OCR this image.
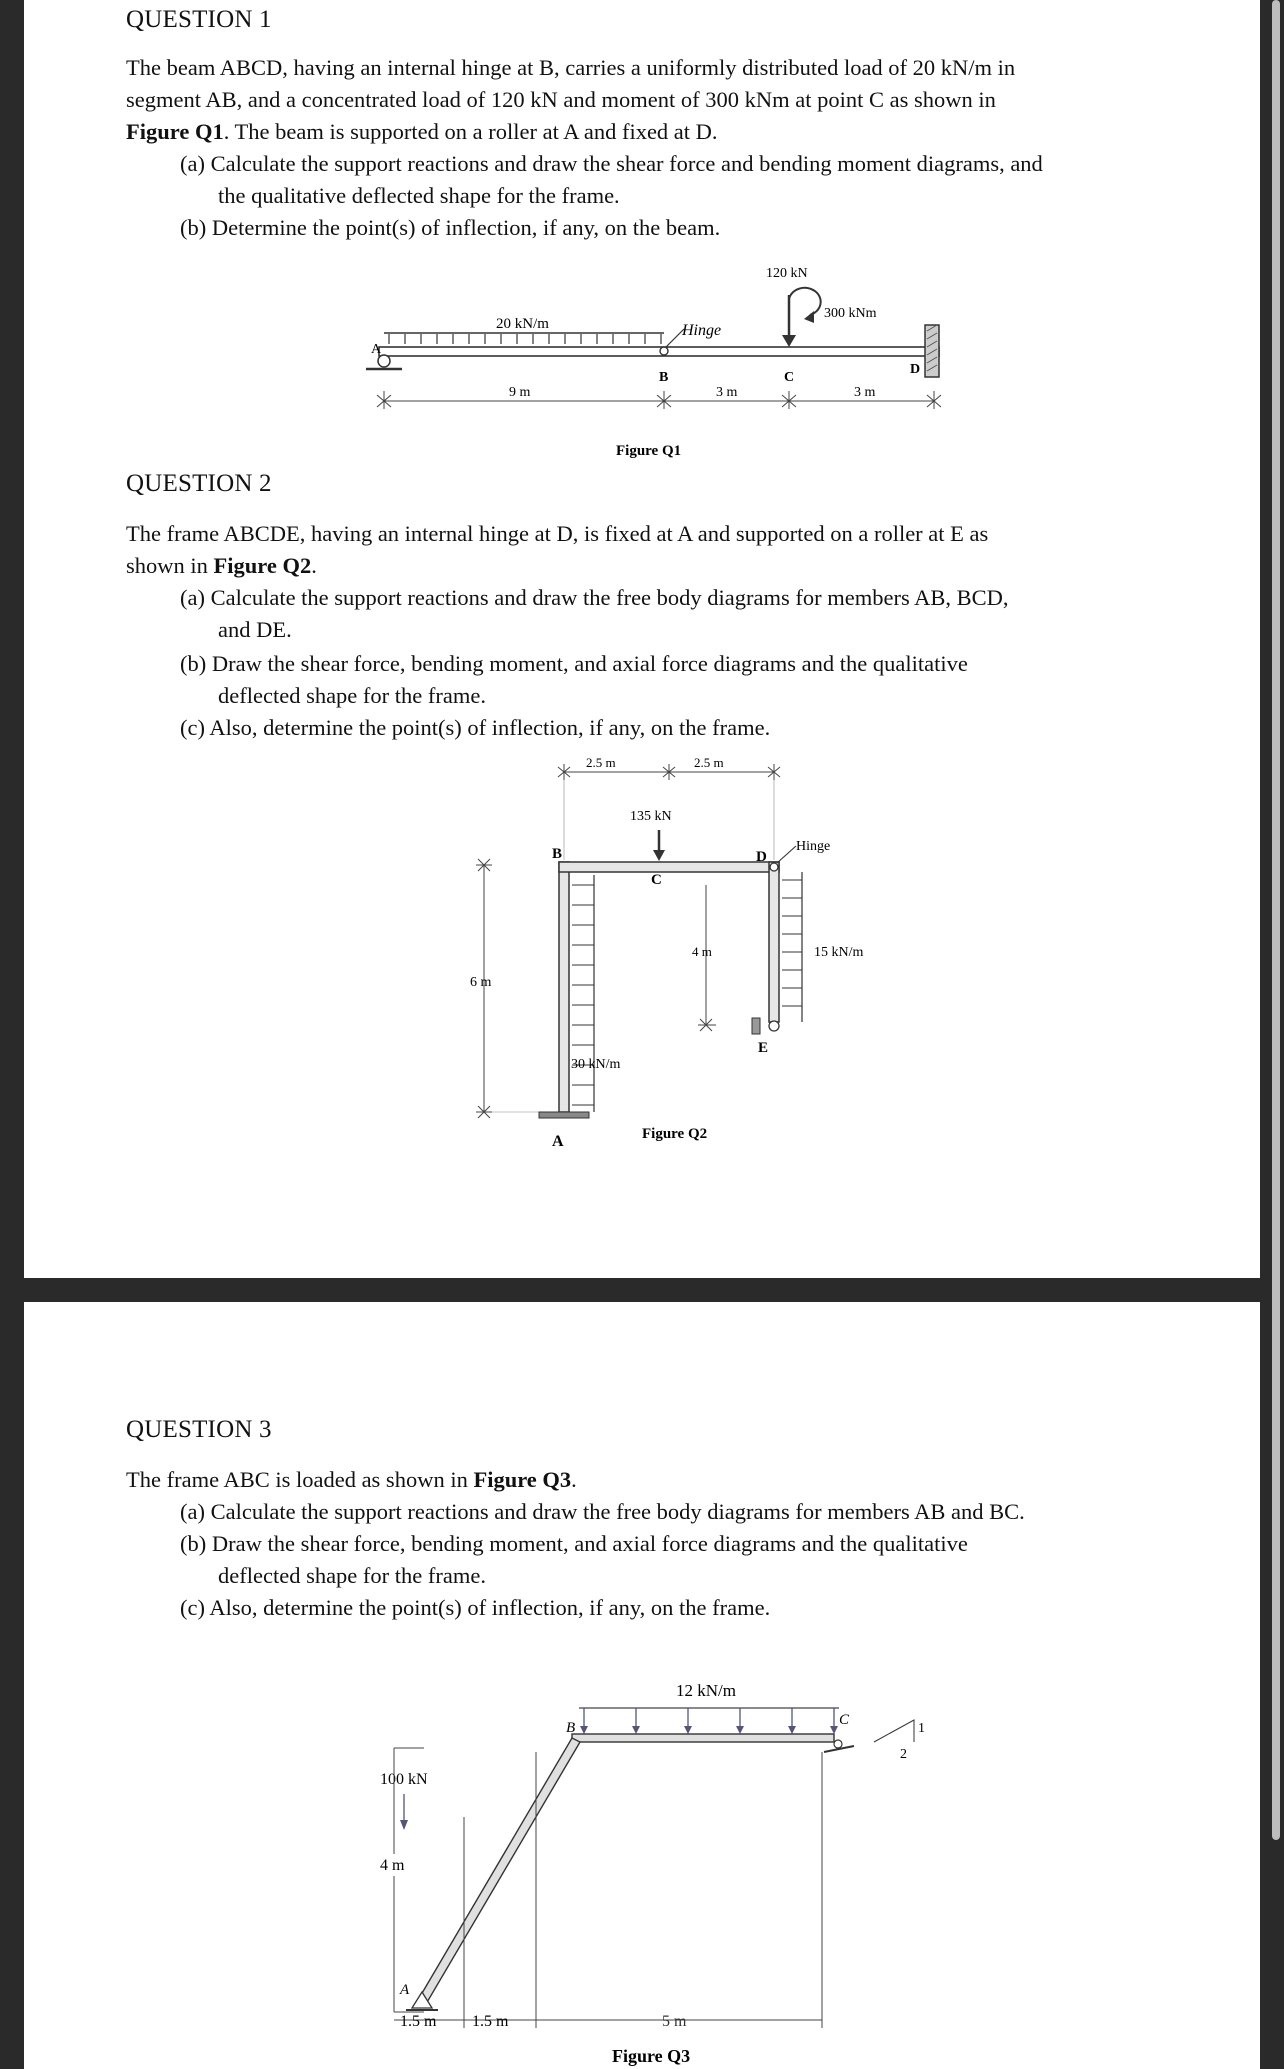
QUESTION 1
The beam ABCD, having an internal hinge at B, carries a uniformly distributed load of 20 kN/m in
segment AB, and a concentrated load of 120 kN and moment of 300 kNm at point C as shown in
Figure Q1. The beam is supported on a roller at A and fixed at D.
(a) Calculate the support reactions and draw the shear force and bending moment diagrams, and
the qualitative deflected shape for the frame.
(b) Determine the point(s) of inflection, if any, on the beam.
20 kN/m
A
Hinge
B
120 kN
300 kNm
C
D
9 m	3 m	3 m
Figure Q1
QUESTION 2
The frame ABCDE, having an internal hinge at D, is fixed at A and supported on a roller at E as
shown in Figure Q2.
(a) Calculate the support reactions and draw the free body diagrams for members AB, BCD,
and DE.
(b) Draw the shear force, bending moment, and axial force diagrams and the qualitative
deflected shape for the frame.
(c) Also, determine the point(s) of inflection, if any, on the frame.
2.5 m	2.5 m
135 kN
C
Hinge
B	D
30 kN/m
15 kN/m
E
4 m
6 m
A	Figure Q2
QUESTION 3
The frame ABC is loaded as shown in Figure Q3.
(a) Calculate the support reactions and draw the free body diagrams for members AB and BC.
(b) Draw the shear force, bending moment, and axial force diagrams and the qualitative
deflected shape for the frame.
(c) Also, determine the point(s) of inflection, if any, on the frame.
12 kN/m
B
A
C
1
2
100 kN
1.5 m 1.5 m	5 m
Figure Q3
4 m
